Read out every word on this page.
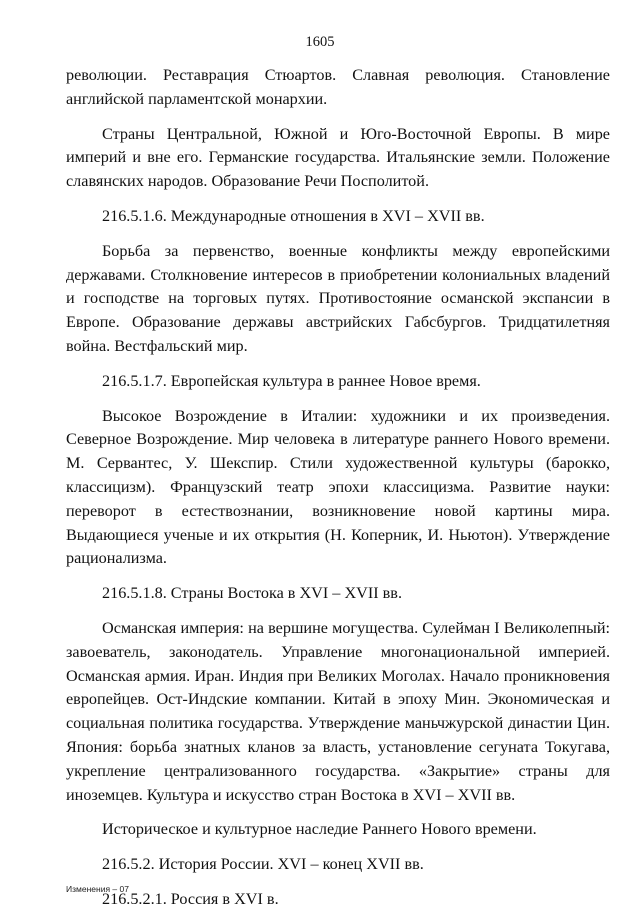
1605

революции. Реставрация Стюартов. Славная революция. Становление английской парламентской монархии.

Страны Центральной, Южной и Юго-Восточной Европы. В мире империй и вне его. Германские государства. Итальянские земли. Положение славянских народов. Образование Речи Посполитой.

216.5.1.6. Международные отношения в XVI – XVII вв.

Борьба за первенство, военные конфликты между европейскими державами. Столкновение интересов в приобретении колониальных владений и господстве на торговых путях. Противостояние османской экспансии в Европе. Образование державы австрийских Габсбургов. Тридцатилетняя война. Вестфальский мир.

216.5.1.7. Европейская культура в раннее Новое время.

Высокое Возрождение в Италии: художники и их произведения. Северное Возрождение. Мир человека в литературе раннего Нового времени. М. Сервантес, У. Шекспир. Стили художественной культуры (барокко, классицизм). Французский театр эпохи классицизма. Развитие науки: переворот в естествознании, возникновение новой картины мира. Выдающиеся ученые и их открытия (Н. Коперник, И. Ньютон). Утверждение рационализма.

216.5.1.8. Страны Востока в XVI – XVII вв.

Османская империя: на вершине могущества. Сулейман I Великолепный: завоеватель, законодатель. Управление многонациональной империей. Османская армия. Иран. Индия при Великих Моголах. Начало проникновения европейцев. Ост-Индские компании. Китай в эпоху Мин. Экономическая и социальная политика государства. Утверждение маньчжурской династии Цин. Япония: борьба знатных кланов за власть, установление сегуната Токугава, укрепление централизованного государства. «Закрытие» страны для иноземцев. Культура и искусство стран Востока в XVI – XVII вв.

Историческое и культурное наследие Раннего Нового времени.

216.5.2. История России. XVI – конец XVII вв.

216.5.2.1. Россия в XVI в.

Изменения – 07
